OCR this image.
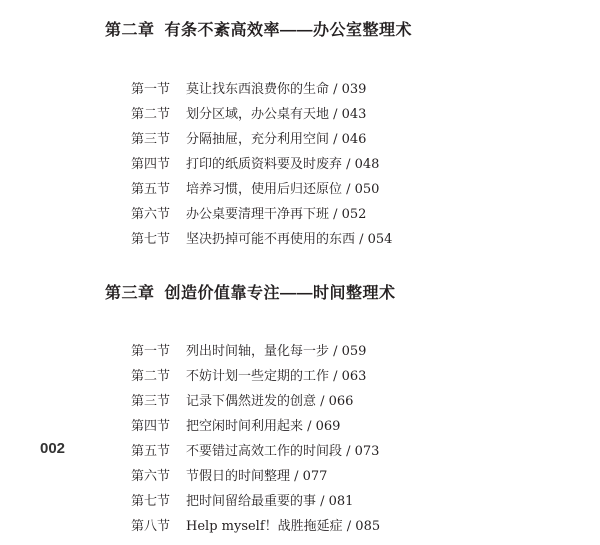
第二章 有条不紊高效率——办公室整理术
第一节 莫让找东西浪费你的生命 / 039
第二节 划分区域，办公桌有天地 / 043
第三节 分隔抽屉，充分利用空间 / 046
第四节 打印的纸质资料要及时废弃 / 048
第五节 培养习惯，使用后归还原位 / 050
第六节 办公桌要清理干净再下班 / 052
第七节 坚决扔掉可能不再使用的东西 / 054
第三章 创造价值靠专注——时间整理术
第一节 列出时间轴，量化每一步 / 059
第二节 不妨计划一些定期的工作 / 063
第三节 记录下偶然迸发的创意 / 066
第四节 把空闲时间利用起来 / 069
第五节 不要错过高效工作的时间段 / 073
第六节 节假日的时间整理 / 077
第七节 把时间留给最重要的事 / 081
第八节 Help myself！战胜拖延症 / 085
002
